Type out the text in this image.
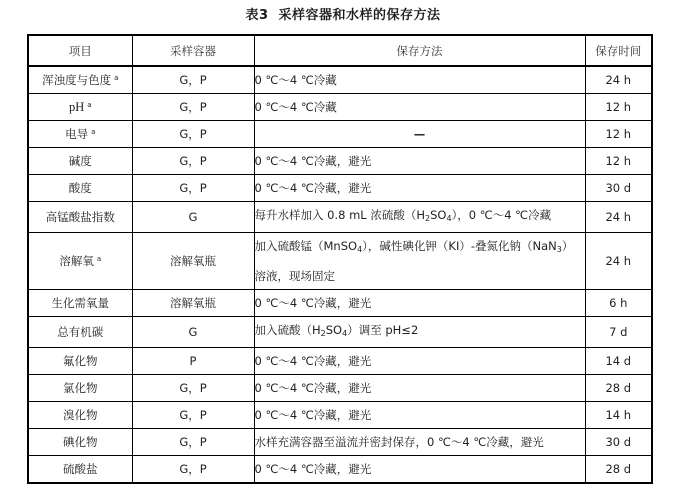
表3 采样容器和水样的保存方法
项目	采样容器	保存方法	保存时间
浑浊度与色度 $^a$	G，P	0 ℃～4 ℃冷藏	24 h
pH $^a$	G，P	0 ℃～4 ℃冷藏	12 h
电导 $^a$	G，P	—	12 h
碱度	G，P	0 ℃～4 ℃冷藏，避光	12 h
酸度	G，P	0 ℃～4 ℃冷藏，避光	30 d
高锰酸盐指数	G	每升水样加入 0.8 mL 浓硫酸$(H_2SO_4)$，0 ℃～4 ℃冷藏	24 h
溶解氧 $^a$	溶解氧瓶	加入硫酸锰（MnSO$_4$），碱性碘化钾（KI）-叠氮化钠（NaN$_3$）溶液，现场固定	24 h
生化需氧量	溶解氧瓶	0 ℃～4 ℃冷藏，避光	6 h
总有机碳	G	加入硫酸$(H_2SO_4)$调至 pH≤2	7 d
氟化物	P	0 ℃～4 ℃冷藏，避光	14 d
氯化物	G，P	0 ℃～4 ℃冷藏，避光	28 d
溴化物	G，P	0 ℃～4 ℃冷藏，避光	14 h
碘化物	G，P	水样充满容器至溢流并密封保存，0 ℃～4 ℃冷藏，避光	30 d
硫酸盐	G，P	0 ℃～4 ℃冷藏，避光	28 d
